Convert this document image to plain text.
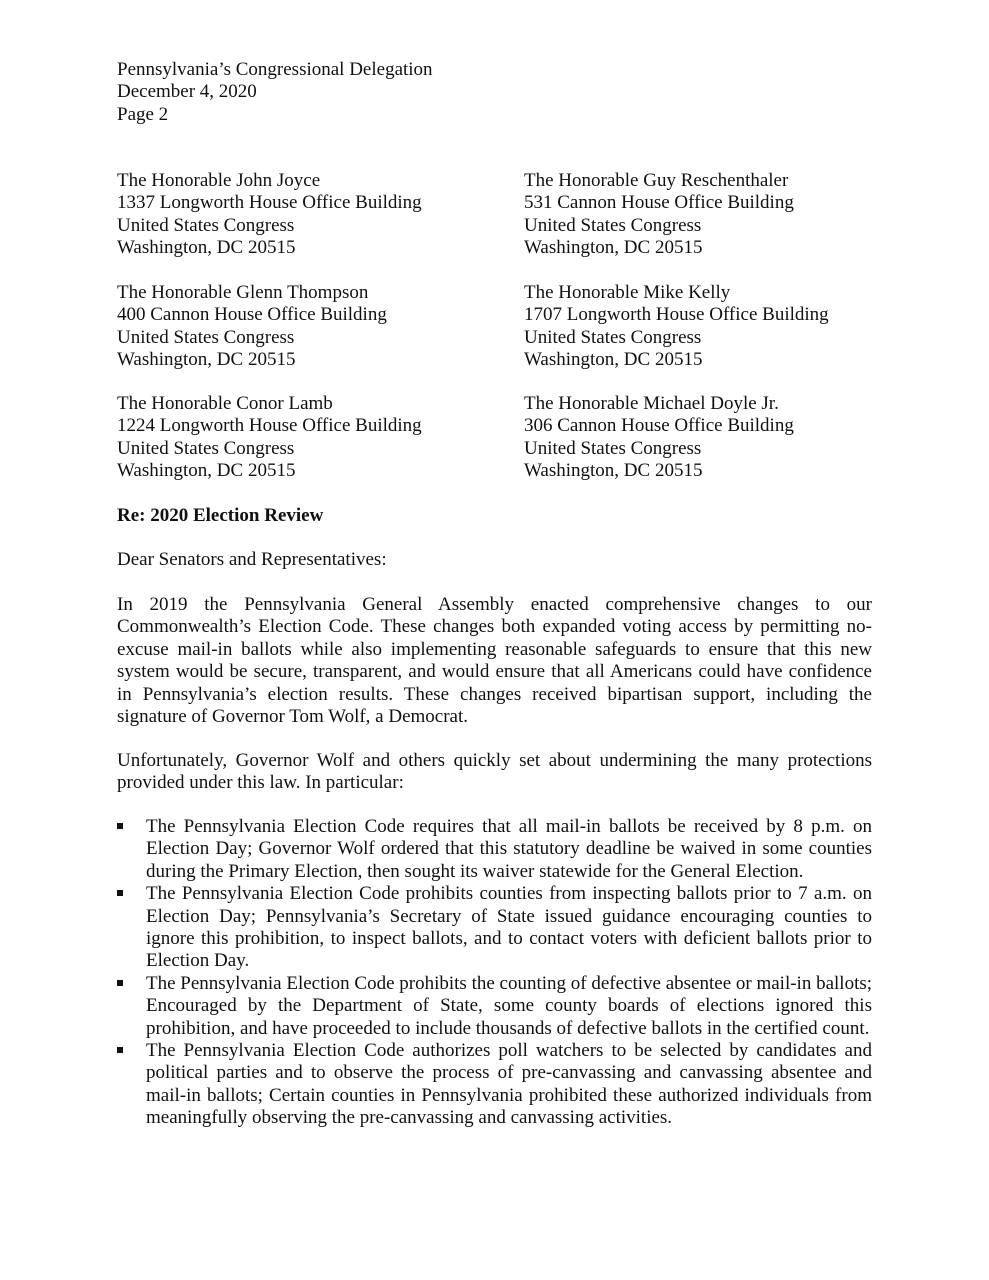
Pennsylvania’s Congressional Delegation
December 4, 2020
Page 2
The Honorable John Joyce
1337 Longworth House Office Building
United States Congress
Washington, DC 20515
The Honorable Guy Reschenthaler
531 Cannon House Office Building
United States Congress
Washington, DC 20515
The Honorable Glenn Thompson
400 Cannon House Office Building
United States Congress
Washington, DC 20515
The Honorable Mike Kelly
1707 Longworth House Office Building
United States Congress
Washington, DC 20515
The Honorable Conor Lamb
1224 Longworth House Office Building
United States Congress
Washington, DC 20515
The Honorable Michael Doyle Jr.
306 Cannon House Office Building
United States Congress
Washington, DC 20515
Re: 2020 Election Review
Dear Senators and Representatives:
In 2019 the Pennsylvania General Assembly enacted comprehensive changes to our
Commonwealth’s Election Code. These changes both expanded voting access by permitting no-
excuse mail-in ballots while also implementing reasonable safeguards to ensure that this new
system would be secure, transparent, and would ensure that all Americans could have confidence
in Pennsylvania’s election results. These changes received bipartisan support, including the
signature of Governor Tom Wolf, a Democrat.
Unfortunately, Governor Wolf and others quickly set about undermining the many protections
provided under this law. In particular:
The Pennsylvania Election Code requires that all mail-in ballots be received by 8 p.m. on
Election Day; Governor Wolf ordered that this statutory deadline be waived in some counties
during the Primary Election, then sought its waiver statewide for the General Election.
The Pennsylvania Election Code prohibits counties from inspecting ballots prior to 7 a.m. on
Election Day; Pennsylvania’s Secretary of State issued guidance encouraging counties to
ignore this prohibition, to inspect ballots, and to contact voters with deficient ballots prior to
Election Day.
The Pennsylvania Election Code prohibits the counting of defective absentee or mail-in ballots;
Encouraged by the Department of State, some county boards of elections ignored this
prohibition, and have proceeded to include thousands of defective ballots in the certified count.
The Pennsylvania Election Code authorizes poll watchers to be selected by candidates and
political parties and to observe the process of pre-canvassing and canvassing absentee and
mail-in ballots; Certain counties in Pennsylvania prohibited these authorized individuals from
meaningfully observing the pre-canvassing and canvassing activities.
